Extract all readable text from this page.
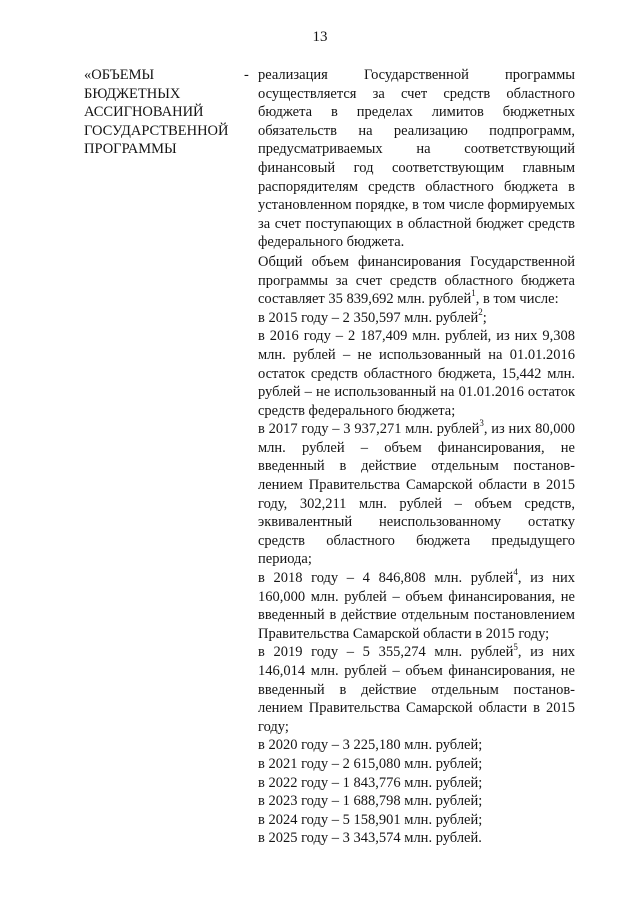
13
«ОБЪЕМЫ
БЮДЖЕТНЫХ
АССИГНОВАНИЙ
ГОСУДАРСТВЕННОЙ
ПРОГРАММЫ
- реализация Государственной программы осуществляется за счет средств областного бюджета в пределах лимитов бюджетных обязательств на реализацию подпрограмм, предусматриваемых на соответствующий финансовый год соответствующим главным распорядителям средств областного бюджета в установленном порядке, в том числе формируемых за счет поступающих в областной бюджет средств федерального бюджета.

Общий объем финансирования Государственной программы за счет средств областного бюджета составляет 35 839,692 млн. рублей$^1$, в том числе:

в 2015 году – 2 350,597 млн. рублей$^2$;

в 2016 году – 2 187,409 млн. рублей, из них 9,308 млн. рублей – не использованный на 01.01.2016 остаток средств областного бюджета, 15,442 млн. рублей – не использованный на 01.01.2016 остаток средств федерального бюджета;

в 2017 году – 3 937,271 млн. рублей$^3$, из них 80,000 млн. рублей – объем финансирования, не введенный в действие отдельным постанов-лением Правительства Самарской области в 2015 году, 302,211 млн. рублей – объем средств, эквивалентный неиспользованному остатку средств областного бюджета предыдущего периода;

в 2018 году – 4 846,808 млн. рублей$^4$, из них 160,000 млн. рублей – объем финансирования, не введенный в действие отдельным постановлением Правительства Самарской области в 2015 году;

в 2019 году – 5 355,274 млн. рублей$^5$, из них 146,014 млн. рублей – объем финансирования, не введенный в действие отдельным постанов-лением Правительства Самарской области в 2015 году;

в 2020 году – 3 225,180 млн. рублей;

в 2021 году – 2 615,080 млн. рублей;

в 2022 году – 1 843,776 млн. рублей;

в 2023 году – 1 688,798 млн. рублей;

в 2024 году – 5 158,901 млн. рублей;

в 2025 году – 3 343,574 млн. рублей.
